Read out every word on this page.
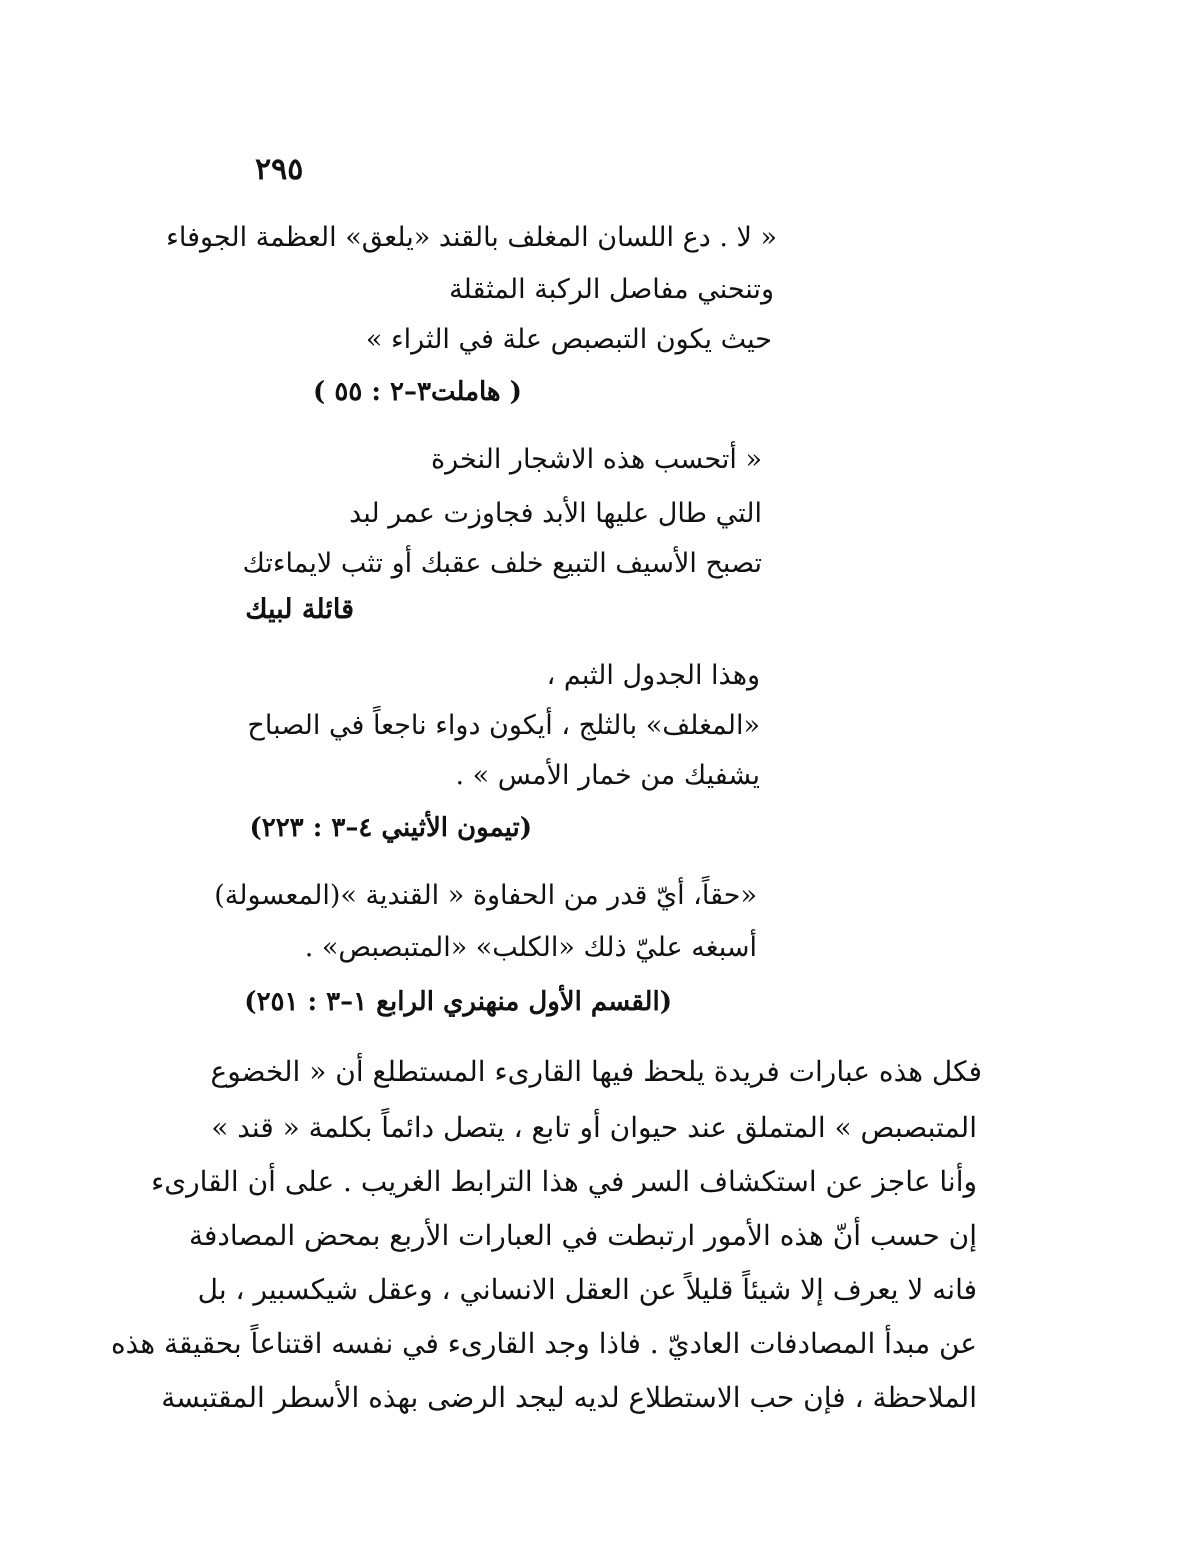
٢٩٥
« لا . دع اللسان المغلف بالقند «يلعق» العظمة الجوفاء
وتنحني مفاصل الركبة المثقلة
حيث يكون التبصبص علة في الثراء »
( هاملت٣–٢ : ٥٥ )
« أتحسب هذه الاشجار النخرة
التي طال عليها الأبد فجاوزت عمر لبد
تصبح الأسيف التبيع خلف عقبك أو تثب لايماءتك
قائلة لبيك
وهذا الجدول الثبم ،
«المغلف» بالثلج ، أيكون دواء ناجعاً في الصباح
يشفيك من خمار الأمس » .
(تيمون الأثيني ٤–٣ : ٢٢٣)
«حقاً، أيّ قدر من الحفاوة « القندية »(المعسولة)
أسبغه عليّ ذلك «الكلب» «المتبصبص» .
(القسم الأول منهنري الرابع ١–٣ : ٢٥١)
فكل هذه عبارات فريدة يلحظ فيها القارىء المستطلع أن « الخضوع
المتبصبص » المتملق عند حيوان أو تابع ، يتصل دائماً بكلمة « قند »
وأنا عاجز عن استكشاف السر في هذا الترابط الغريب . على أن القارىء
إن حسب أنّ هذه الأمور ارتبطت في العبارات الأربع بمحض المصادفة
فانه لا يعرف إلا شيئاً قليلاً عن العقل الانساني ، وعقل شيكسبير ، بل
عن مبدأ المصادفات العاديّ . فاذا وجد القارىء في نفسه اقتناعاً بحقيقة هذه
الملاحظة ، فإن حب الاستطلاع لديه ليجد الرضى بهذه الأسطر المقتبسة
